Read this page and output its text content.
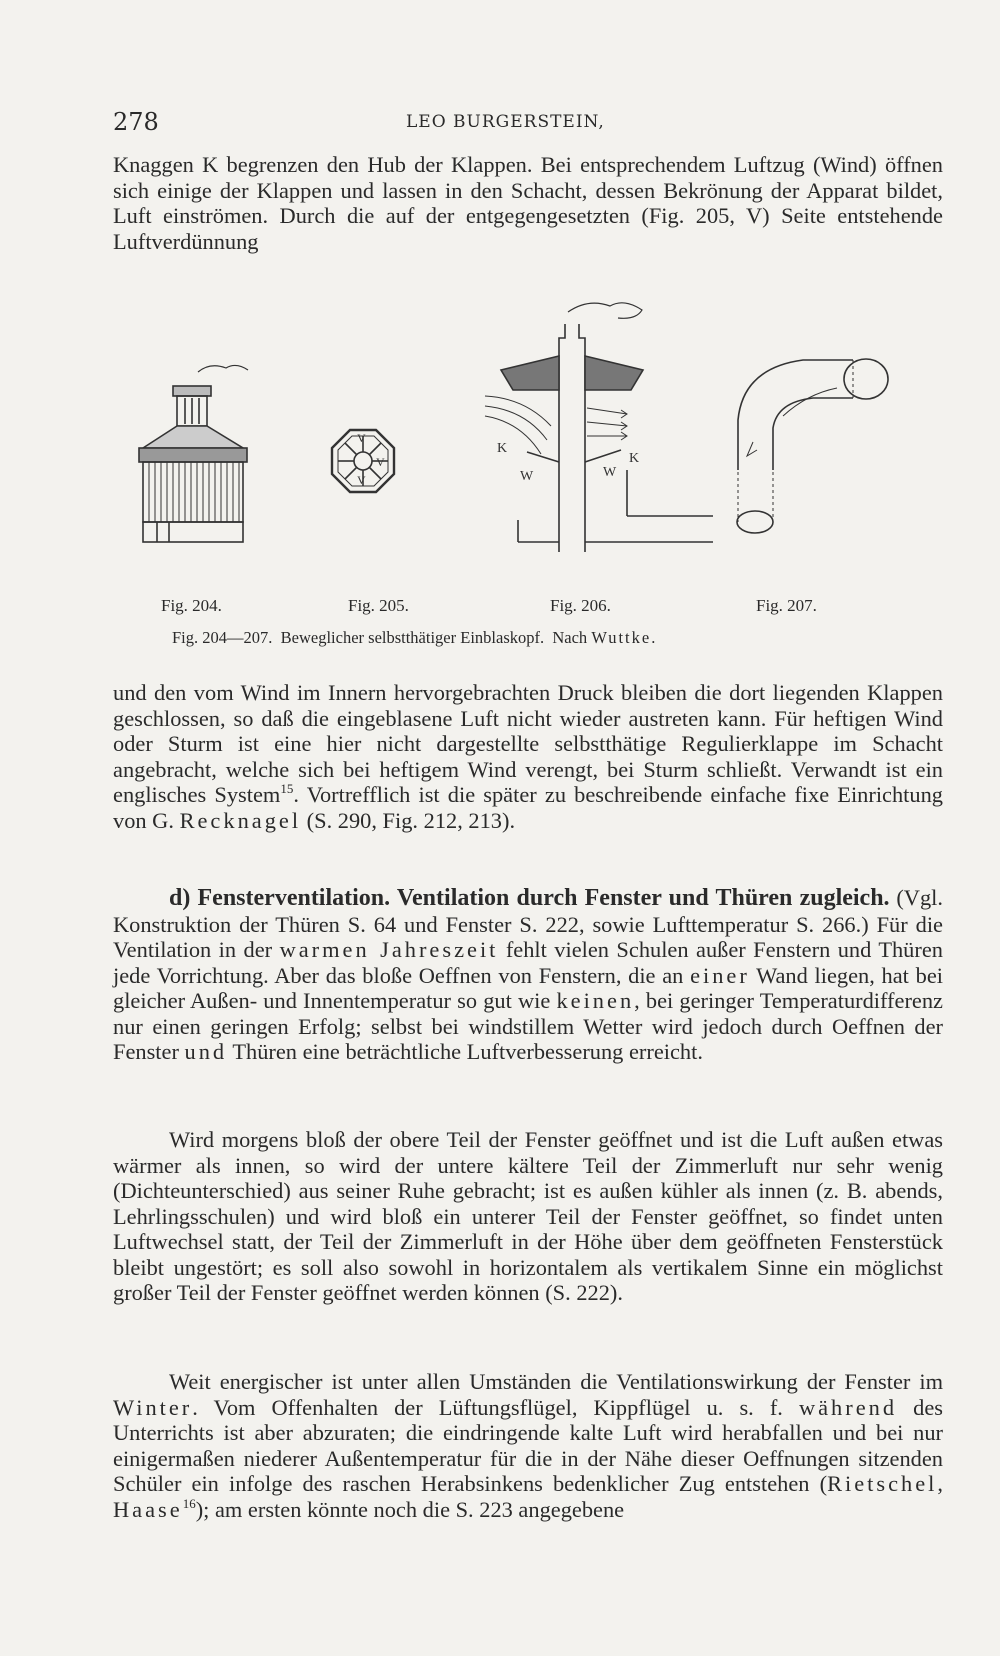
278	LEO BURGERSTEIN,

Knaggen K begrenzen den Hub der Klappen. Bei entsprechendem Luftzug (Wind) öffnen sich einige der Klappen und lassen in den Schacht, dessen Bekrönung der Apparat bildet, Luft einströmen. Durch die auf der entgegengesetzten (Fig. 205, V) Seite entstehende Luftverdünnung

K
K
W	W
V
V
V
Fig. 204.	Fig. 205.	Fig. 206.	Fig. 207.
Fig. 204—207. Beweglicher selbstthätiger Einblaskopf. Nach Wuttke.

und den vom Wind im Innern hervorgebrachten Druck bleiben die dort liegenden Klappen geschlossen, so daß die eingeblasene Luft nicht wieder austreten kann. Für heftigen Wind oder Sturm ist eine hier nicht dargestellte selbstthätige Regulierklappe im Schacht angebracht, welche sich bei heftigem Wind verengt, bei Sturm schließt. Verwandt ist ein englisches System$^{15}$. Vortrefflich ist die später zu beschreibende einfache fixe Einrichtung von G. Recknagel (S. 290, Fig. 212, 213).

d) Fensterventilation. Ventilation durch Fenster und Thüren zugleich. (Vgl. Konstruktion der Thüren S. 64 und Fenster S. 222, sowie Lufttemperatur S. 266.) Für die Ventilation in der warmen Jahreszeit fehlt vielen Schulen außer Fenstern und Thüren jede Vorrichtung. Aber das bloße Oeffnen von Fenstern, die an einer Wand liegen, hat bei gleicher Außen- und Innentemperatur so gut wie keinen, bei geringer Temperaturdifferenz nur einen geringen Erfolg; selbst bei windstillem Wetter wird jedoch durch Oeffnen der Fenster und Thüren eine beträchtliche Luftverbesserung erreicht.

Wird morgens bloß der obere Teil der Fenster geöffnet und ist die Luft außen etwas wärmer als innen, so wird der untere kältere Teil der Zimmerluft nur sehr wenig (Dichteunterschied) aus seiner Ruhe gebracht; ist es außen kühler als innen (z. B. abends, Lehrlingsschulen) und wird bloß ein unterer Teil der Fenster geöffnet, so findet unten Luftwechsel statt, der Teil der Zimmerluft in der Höhe über dem geöffneten Fensterstück bleibt ungestört; es soll also sowohl in horizontalem als vertikalem Sinne ein möglichst großer Teil der Fenster geöffnet werden können (S. 222).

Weit energischer ist unter allen Umständen die Ventilationswirkung der Fenster im Winter. Vom Offenhalten der Lüftungsflügel, Kippflügel u. s. f. während des Unterrichts ist aber abzuraten; die eindringende kalte Luft wird herabfallen und bei nur einigermaßen niederer Außentemperatur für die in der Nähe dieser Oeffnungen sitzenden Schüler ein infolge des raschen Herabsinkens bedenklicher Zug entstehen (Rietschel, Haase$^{16}$); am ersten könnte noch die S. 223 angegebene
